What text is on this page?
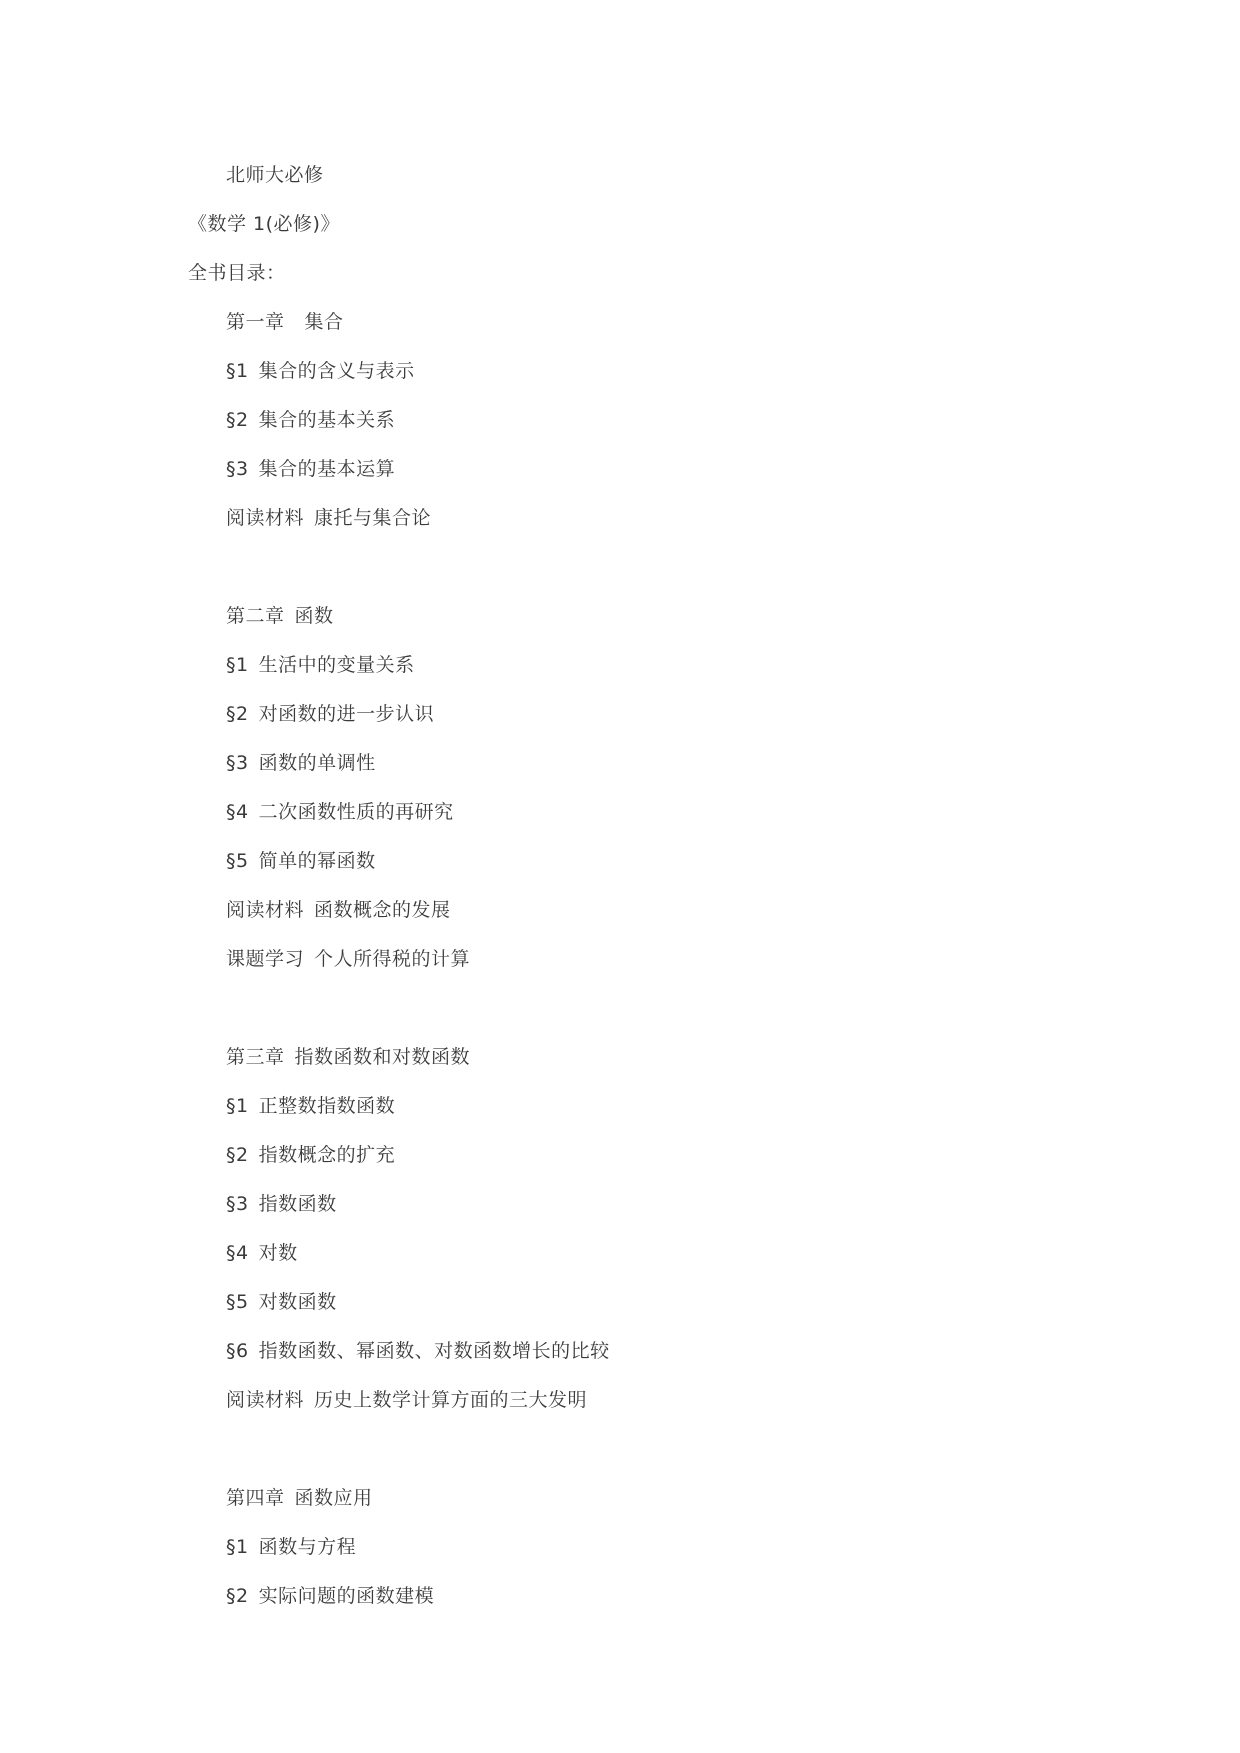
北师大必修
《数学 1(必修)》
全书目录：
第一章 集合
§1 集合的含义与表示
§2 集合的基本关系
§3 集合的基本运算
阅读材料 康托与集合论
第二章 函数
§1 生活中的变量关系
§2 对函数的进一步认识
§3 函数的单调性
§4 二次函数性质的再研究
§5 简单的幂函数
阅读材料 函数概念的发展
课题学习 个人所得税的计算
第三章 指数函数和对数函数
§1 正整数指数函数
§2 指数概念的扩充
§3 指数函数
§4 对数
§5 对数函数
§6 指数函数、幂函数、对数函数增长的比较
阅读材料 历史上数学计算方面的三大发明
第四章 函数应用
§1 函数与方程
§2 实际问题的函数建模
